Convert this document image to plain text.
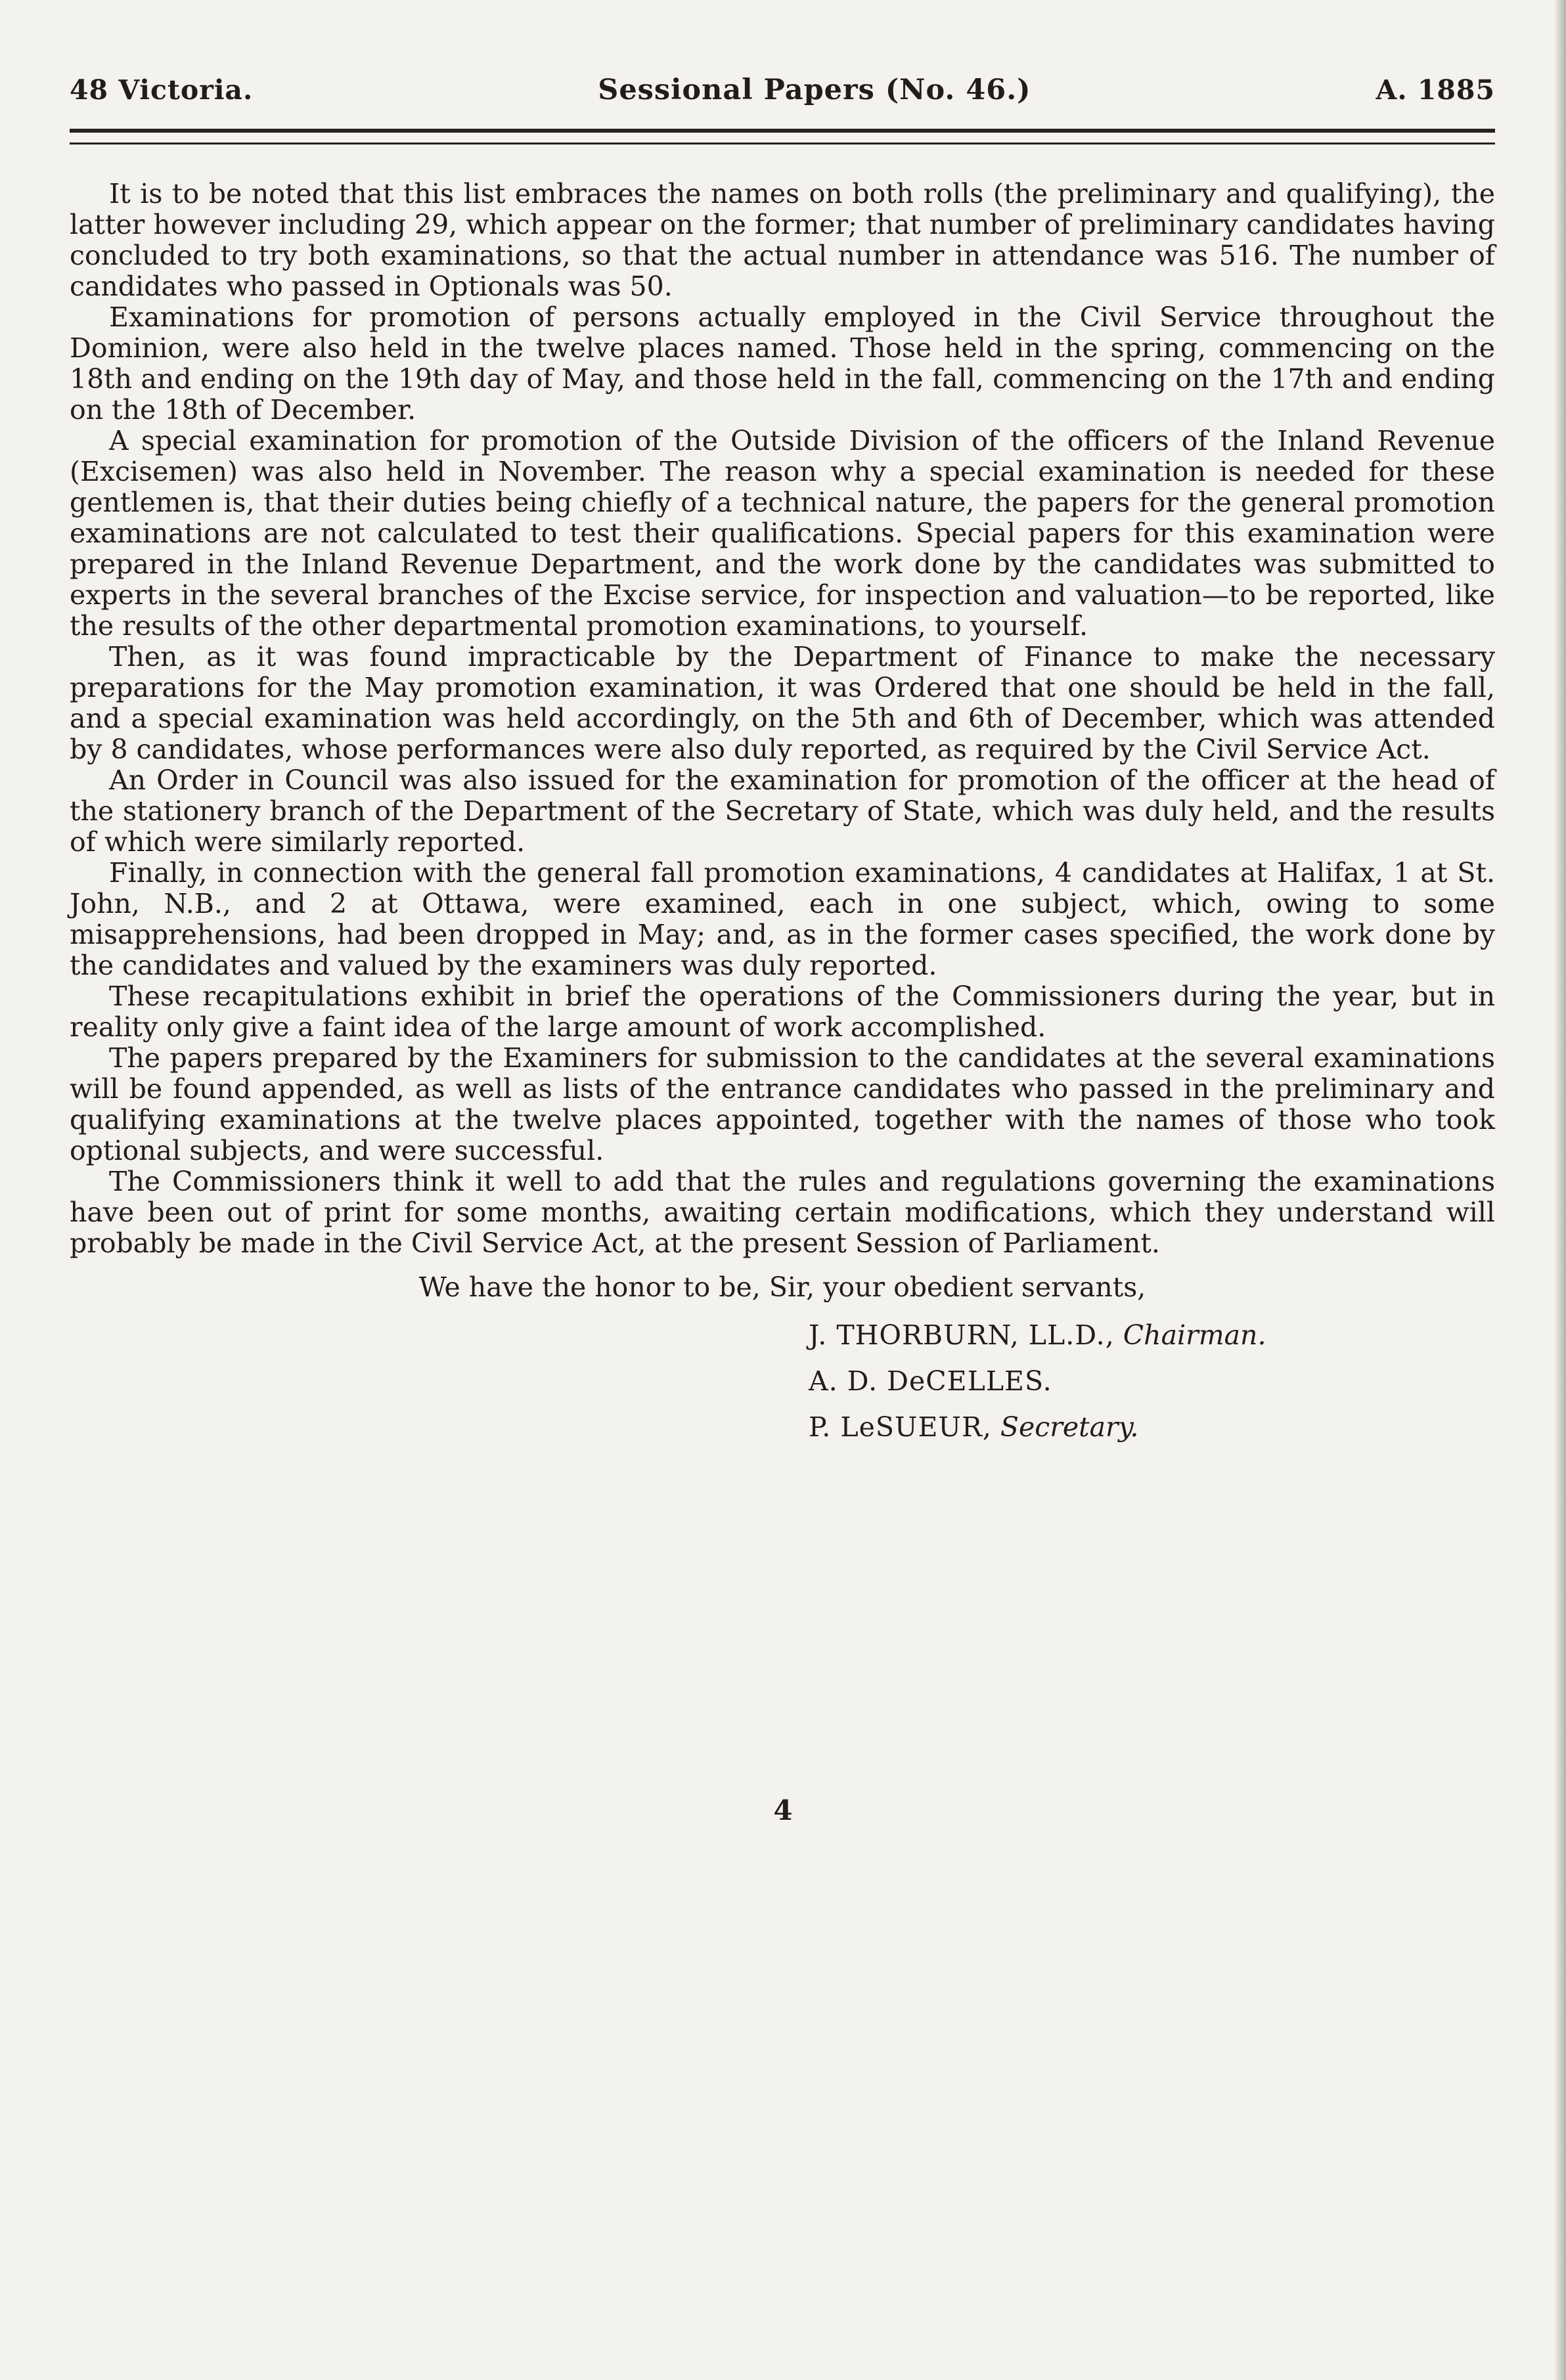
48 Victoria.	Sessional Papers (No. 46.)	A. 1885

It is to be noted that this list embraces the names on both rolls (the preliminary and qualifying), the latter however including 29, which appear on the former; that number of preliminary candidates having concluded to try both examinations, so that the actual number in attendance was 516. The number of candidates who passed in Optionals was 50.

Examinations for promotion of persons actually employed in the Civil Service throughout the Dominion, were also held in the twelve places named. Those held in the spring, commencing on the 18th and ending on the 19th day of May, and those held in the fall, commencing on the 17th and ending on the 18th of December.

A special examination for promotion of the Outside Division of the officers of the Inland Revenue (Excisemen) was also held in November. The reason why a special examination is needed for these gentlemen is, that their duties being chiefly of a technical nature, the papers for the general promotion examinations are not calculated to test their qualifications. Special papers for this examination were prepared in the Inland Revenue Department, and the work done by the candidates was submitted to experts in the several branches of the Excise service, for inspection and valuation—to be reported, like the results of the other departmental promotion examinations, to yourself.

Then, as it was found impracticable by the Department of Finance to make the necessary preparations for the May promotion examination, it was Ordered that one should be held in the fall, and a special examination was held accordingly, on the 5th and 6th of December, which was attended by 8 candidates, whose performances were also duly reported, as required by the Civil Service Act.

An Order in Council was also issued for the examination for promotion of the officer at the head of the stationery branch of the Department of the Secretary of State, which was duly held, and the results of which were similarly reported.

Finally, in connection with the general fall promotion examinations, 4 candidates at Halifax, 1 at St. John, N.B., and 2 at Ottawa, were examined, each in one subject, which, owing to some misapprehensions, had been dropped in May; and, as in the former cases specified, the work done by the candidates and valued by the examiners was duly reported.

These recapitulations exhibit in brief the operations of the Commissioners during the year, but in reality only give a faint idea of the large amount of work accomplished.

The papers prepared by the Examiners for submission to the candidates at the several examinations will be found appended, as well as lists of the entrance candidates who passed in the preliminary and qualifying examinations at the twelve places appointed, together with the names of those who took optional subjects, and were successful.

The Commissioners think it well to add that the rules and regulations governing the examinations have been out of print for some months, awaiting certain modifications, which they understand will probably be made in the Civil Service Act, at the present Session of Parliament.

We have the honor to be, Sir, your obedient servants,
J. THORBURN, LL.D., Chairman.
A. D. DeCELLES.
P. LeSUEUR, Secretary.
4
